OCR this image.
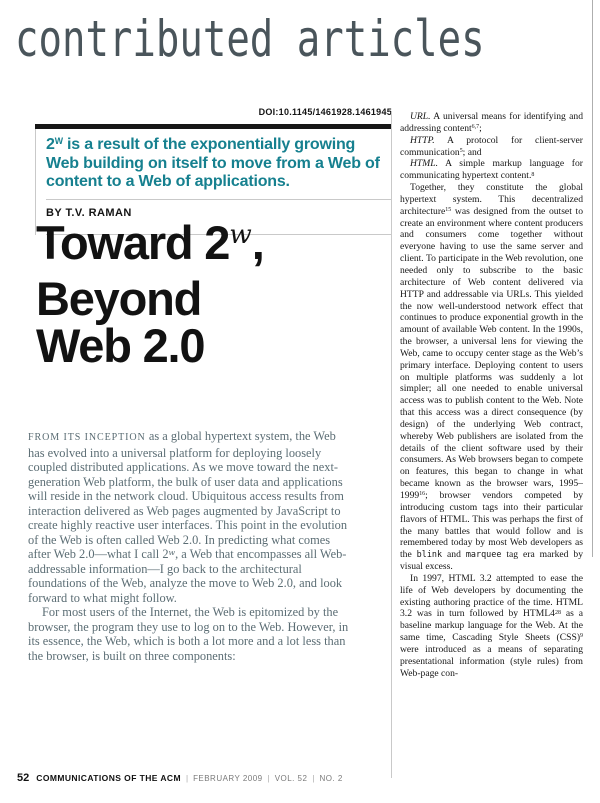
contributed articles
DOI:10.1145/1461928.1461945

$2^W$ is a result of the exponentially growing Web building on itself to move from a Web of content to a Web of applications.

BY T.V. RAMAN
Toward 2$^w$,
Beyond
Web 2.0

FROM ITS INCEPTION as a global hypertext system, the Web has evolved into a universal platform for deploying loosely coupled distributed applications. As we move toward the next-generation Web platform, the bulk of user data and applications will reside in the network cloud. Ubiquitous access results from interaction delivered as Web pages augmented by JavaScript to create highly reactive user interfaces. This point in the evolution of the Web is often called Web 2.0. In predicting what comes after Web 2.0—what I call 2$^w$, a Web that encompasses all Web-addressable information—I go back to the architectural foundations of the Web, analyze the move to Web 2.0, and look forward to what might follow.

For most users of the Internet, the Web is epitomized by the browser, the program they use to log on to the Web. However, in its essence, the Web, which is both a lot more and a lot less than the browser, is built on three components:

URL. A universal means for identifying and addressing content$^{6,7}$;

HTTP. A protocol for client-server communication$^5$; and

HTML. A simple markup language for communicating hypertext content.$^8$

Together, they constitute the global hypertext system. This decentralized architecture$^{15}$ was designed from the outset to create an environment where content producers and consumers come together without everyone having to use the same server and client. To participate in the Web revolution, one needed only to subscribe to the basic architecture of Web content delivered via HTTP and addressable via URLs. This yielded the now well-understood network effect that continues to produce exponential growth in the amount of available Web content. In the 1990s, the browser, a universal lens for viewing the Web, came to occupy center stage as the Web’s primary interface. Deploying content to users on multiple platforms was suddenly a lot simpler; all one needed to enable universal access was to publish content to the Web. Note that this access was a direct consequence (by design) of the underlying Web contract, whereby Web publishers are isolated from the details of the client software used by their consumers. As Web browsers began to compete on features, this began to change in what became known as the browser wars, 1995–1999$^{16}$; browser vendors competed by introducing custom tags into their particular flavors of HTML. This was perhaps the first of the many battles that would follow and is remembered today by most Web developers as the blink and marquee tag era marked by visual excess.

In 1997, HTML 3.2 attempted to ease the life of Web developers by documenting the existing authoring practice of the time. HTML 3.2 was in turn followed by $HTML4^{28}$ as a baseline markup language for the Web. At the same time, Cascading Style Sheets (CSS)$^9$ were introduced as a means of separating presentational information (style rules) from Web-page con-

52 COMMUNICATIONS OF THE ACM | FEBRUARY 2009 | VOL. 52 | NO. 2
